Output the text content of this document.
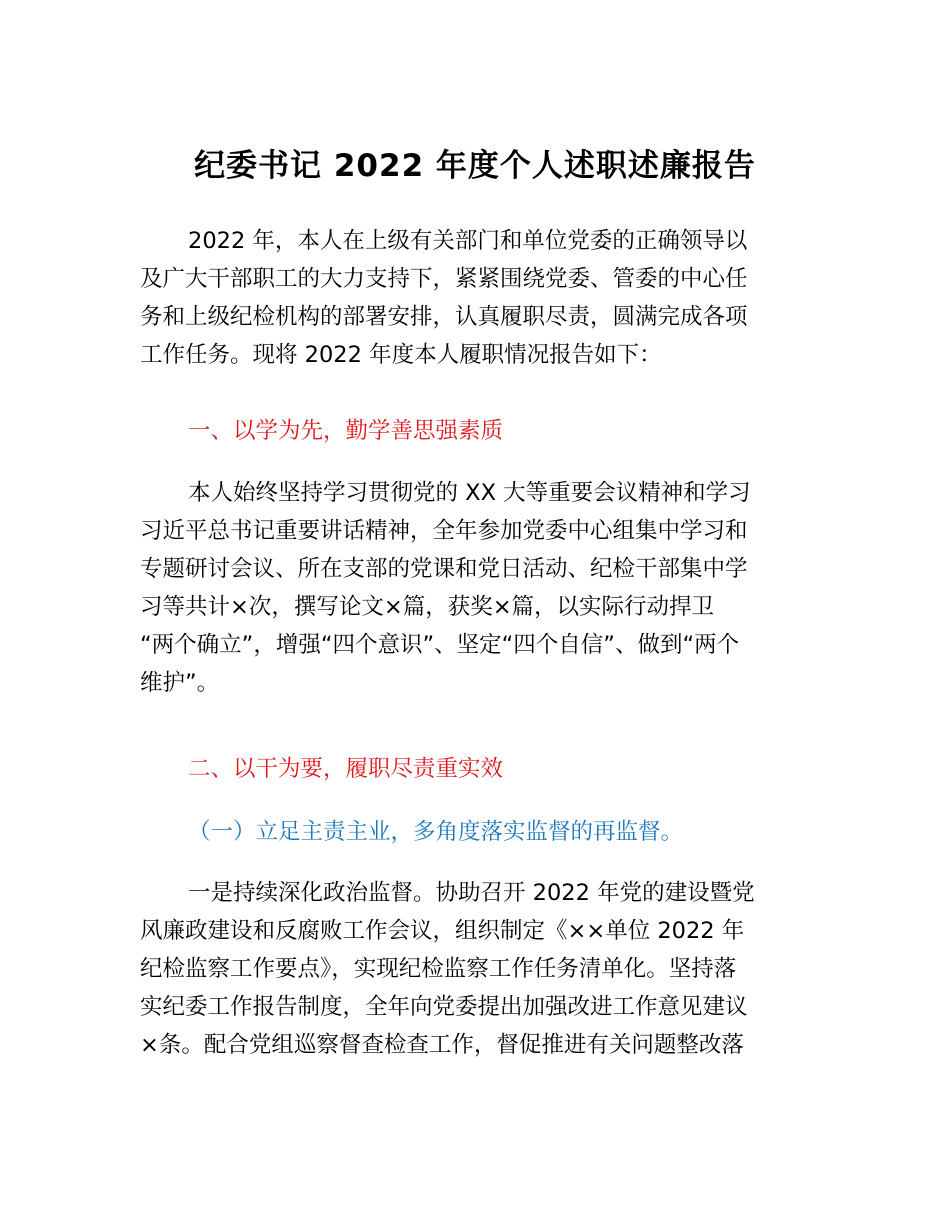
纪委书记 2022 年度个人述职述廉报告
2022 年，本人在上级有关部门和单位党委的正确领导以
及广大干部职工的大力支持下，紧紧围绕党委、管委的中心任
务和上级纪检机构的部署安排，认真履职尽责，圆满完成各项
工作任务。现将 2022 年度本人履职情况报告如下：
一、以学为先，勤学善思强素质
本人始终坚持学习贯彻党的 XX 大等重要会议精神和学习
习近平总书记重要讲话精神，全年参加党委中心组集中学习和
专题研讨会议、所在支部的党课和党日活动、纪检干部集中学
习等共计×次，撰写论文×篇，获奖×篇，以实际行动捍卫
“两个确立”，增强“四个意识”、坚定“四个自信”、做到“两个
维护”。
二、以干为要，履职尽责重实效
（一）立足主责主业，多角度落实监督的再监督。
一是持续深化政治监督。协助召开 2022 年党的建设暨党
风廉政建设和反腐败工作会议，组织制定《××单位 2022 年
纪检监察工作要点》，实现纪检监察工作任务清单化。坚持落
实纪委工作报告制度，全年向党委提出加强改进工作意见建议
×条。配合党组巡察督查检查工作，督促推进有关问题整改落
